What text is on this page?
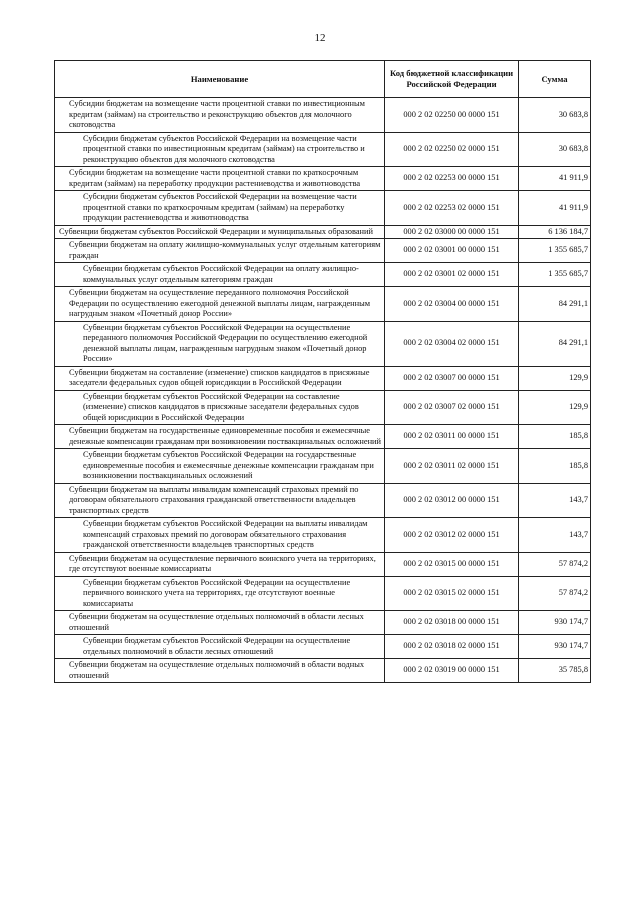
12
Наименование	Код бюджетной классификации Российской Федерации	Сумма
Субсидии бюджетам на возмещение части процентной ставки по инвестиционным кредитам (займам) на строительство и реконструкцию объектов для молочного скотоводства	000 2 02 02250 00 0000 151	30 683,8
Субсидии бюджетам субъектов Российской Федерации на возмещение части процентной ставки по инвестиционным кредитам (займам) на строительство и реконструкцию объектов для молочного скотоводства	000 2 02 02250 02 0000 151	30 683,8
Субсидии бюджетам на возмещение части процентной ставки по краткосрочным кредитам (займам) на переработку продукции растениеводства и животноводства	000 2 02 02253 00 0000 151	41 911,9
Субсидии бюджетам субъектов Российской Федерации на возмещение части процентной ставки по краткосрочным кредитам (займам) на переработку продукции растениеводства и животноводства	000 2 02 02253 02 0000 151	41 911,9
Субвенции бюджетам субъектов Российской Федерации и муниципальных образований	000 2 02 03000 00 0000 151	6 136 184,7
Субвенции бюджетам на оплату жилищно-коммунальных услуг отдельным категориям граждан	000 2 02 03001 00 0000 151	1 355 685,7
Субвенции бюджетам субъектов Российской Федерации на оплату жилищно-коммунальных услуг отдельным категориям граждан	000 2 02 03001 02 0000 151	1 355 685,7
Субвенции бюджетам на осуществление переданного полномочия Российской Федерации по осуществлению ежегодной денежной выплаты лицам, награжденным нагрудным знаком «Почетный донор России»	000 2 02 03004 00 0000 151	84 291,1
Субвенции бюджетам субъектов Российской Федерации на осуществление переданного полномочия Российской Федерации по осуществлению ежегодной денежной выплаты лицам, награжденным нагрудным знаком «Почетный донор России»	000 2 02 03004 02 0000 151	84 291,1
Субвенции бюджетам на составление (изменение) списков кандидатов в присяжные заседатели федеральных судов общей юрисдикции в Российской Федерации	000 2 02 03007 00 0000 151	129,9
Субвенции бюджетам субъектов Российской Федерации на составление (изменение) списков кандидатов в присяжные заседатели федеральных судов общей юрисдикции в Российской Федерации	000 2 02 03007 02 0000 151	129,9
Субвенции бюджетам на государственные единовременные пособия и ежемесячные денежные компенсации гражданам при возникновении поствакцинальных осложнений	000 2 02 03011 00 0000 151	185,8
Субвенции бюджетам субъектов Российской Федерации на государственные единовременные пособия и ежемесячные денежные компенсации гражданам при возникновении поствакцинальных осложнений	000 2 02 03011 02 0000 151	185,8
Субвенции бюджетам на выплаты инвалидам компенсаций страховых премий по договорам обязательного страхования гражданской ответственности владельцев транспортных средств	000 2 02 03012 00 0000 151	143,7
Субвенции бюджетам субъектов Российской Федерации на выплаты инвалидам компенсаций страховых премий по договорам обязательного страхования гражданской ответственности владельцев транспортных средств	000 2 02 03012 02 0000 151	143,7
Субвенции бюджетам на осуществление первичного воинского учета на территориях, где отсутствуют военные комиссариаты	000 2 02 03015 00 0000 151	57 874,2
Субвенции бюджетам субъектов Российской Федерации на осуществление первичного воинского учета на территориях, где отсутствуют военные комиссариаты	000 2 02 03015 02 0000 151	57 874,2
Субвенции бюджетам на осуществление отдельных полномочий в области лесных отношений	000 2 02 03018 00 0000 151	930 174,7
Субвенции бюджетам субъектов Российской Федерации на осуществление отдельных полномочий в области лесных отношений	000 2 02 03018 02 0000 151	930 174,7
Субвенции бюджетам на осуществление отдельных полномочий в области водных отношений	000 2 02 03019 00 0000 151	35 785,8
